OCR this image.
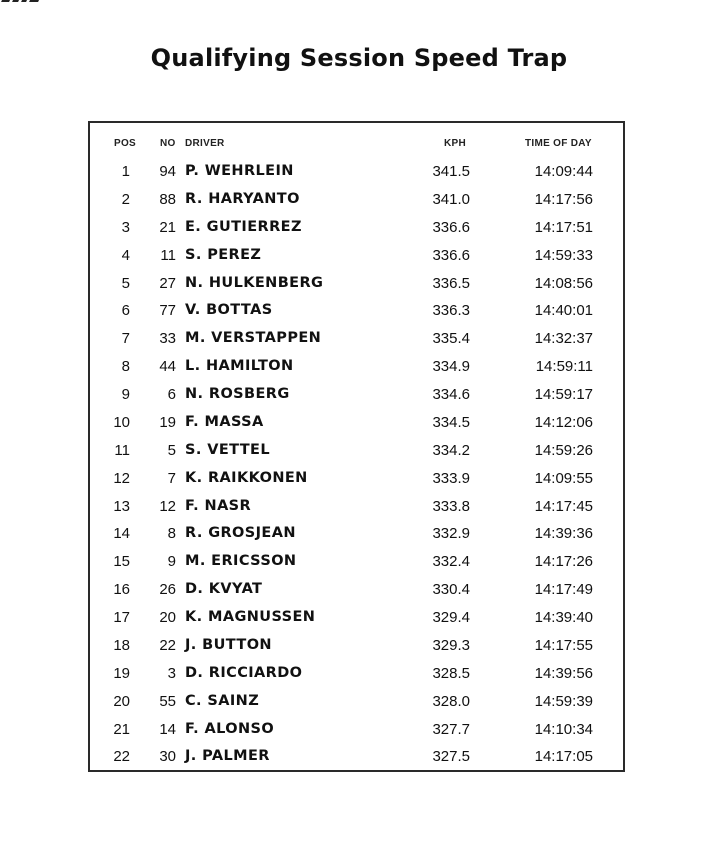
Qualifying Session Speed Trap
POS NO DRIVER	KPH	TIME OF DAY
1 94 P. WEHRLEIN	341.5	14:09:44
2 88 R. HARYANTO	341.0	14:17:56
3 21 E. GUTIERREZ	336.6	14:17:51
4 11 S. PEREZ	336.6	14:59:33
5 27 N. HULKENBERG	336.5	14:08:56
6 77 V. BOTTAS	336.3	14:40:01
7 33 M. VERSTAPPEN	335.4	14:32:37
8 44 L. HAMILTON	334.9	14:59:11
9	6 N. ROSBERG	334.6	14:59:17
10 19 F. MASSA	334.5	14:12:06
11	5 S. VETTEL	334.2	14:59:26
12	7 K. RAIKKONEN	333.9	14:09:55
13 12 F. NASR	333.8	14:17:45
14	8 R. GROSJEAN	332.9	14:39:36
15	9 M. ERICSSON	332.4	14:17:26
16 26 D. KVYAT	330.4	14:17:49
17 20 K. MAGNUSSEN	329.4	14:39:40
18 22 J. BUTTON	329.3	14:17:55
19	3 D. RICCIARDO	328.5	14:39:56
20 55 C. SAINZ	328.0	14:59:39
21 14 F. ALONSO	327.7	14:10:34
22 30 J. PALMER	327.5	14:17:05
